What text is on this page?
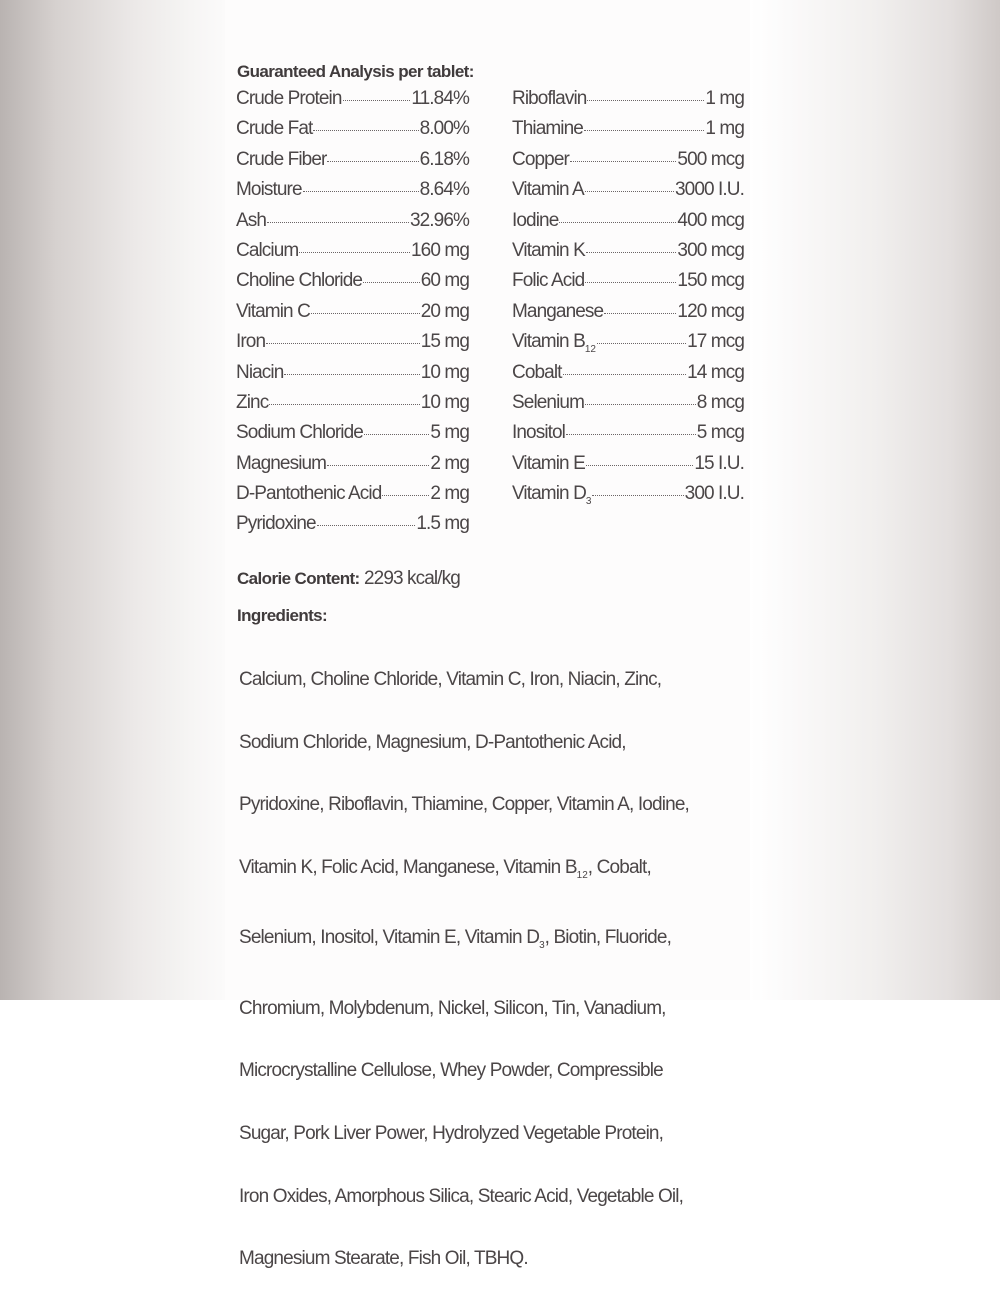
Guaranteed Analysis per tablet:
Crude Protein	11.84%
Crude Fat	8.00%
Crude Fiber	6.18%
Moisture	8.64%
Ash	32.96%
Calcium	160 mg
Choline Chloride	60 mg
Vitamin C	20 mg
Iron	15 mg
Niacin	10 mg
Zinc	10 mg
Sodium Chloride	5 mg
Magnesium	2 mg
D-Pantothenic Acid	2 mg
Pyridoxine	1.5 mg
Riboflavin	1 mg
Thiamine	1 mg
Copper	500 mcg
Vitamin A	3000 I.U.
Iodine	400 mcg
Vitamin K	300 mcg
Folic Acid	150 mcg
Manganese	120 mcg
Vitamin $B_{12}$	17 mcg
Cobalt	14 mcg
Selenium	8 mcg
Inositol	5 mcg
Vitamin E	15 I.U.
Vitamin $D_3$	300 I.U.
Calorie Content: 2293 kcal/kg
Ingredients:

Calcium, Choline Chloride, Vitamin C, Iron, Niacin, Zinc,

Sodium Chloride, Magnesium, D-Pantothenic Acid,

Pyridoxine, Riboflavin, Thiamine, Copper, Vitamin A, Iodine,

Vitamin K, Folic Acid, Manganese, Vitamin $B_{12}$, Cobalt,

Selenium, Inositol, Vitamin E, Vitamin $D_3$, Biotin, Fluoride,

Chromium, Molybdenum, Nickel, Silicon, Tin, Vanadium,

Microcrystalline Cellulose, Whey Powder, Compressible

Sugar, Pork Liver Power, Hydrolyzed Vegetable Protein,

Iron Oxides, Amorphous Silica, Stearic Acid, Vegetable Oil,

Magnesium Stearate, Fish Oil, TBHQ.
